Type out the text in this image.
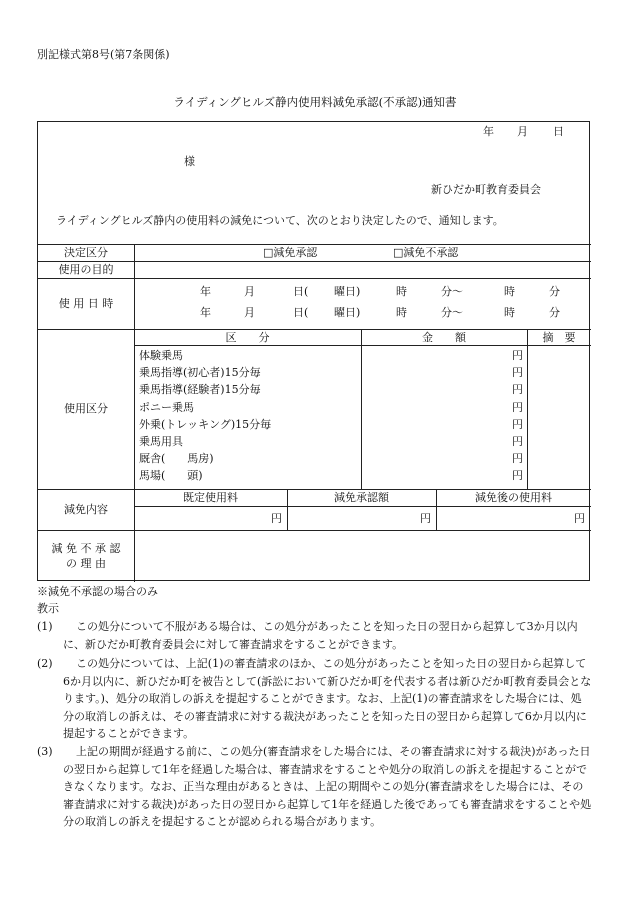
別記様式第8号(第7条関係)
ライディングヒルズ静内使用料減免承認(不承認)通知書
年 月 日
様
新ひだか町教育委員会
ライディングヒルズ静内の使用料の減免について、次のとおり決定したので、通知します。
決定区分	□減免承認	□減免不承認
使用の目的
使 用 日 時
年	月	日( 曜日)	時	分～	時	分
年	月	日( 曜日)	時	分～	時	分
使用区分
区　　分	金　　額	摘　要
体験乗馬	円
乗馬指導(初心者)15分毎	円
乗馬指導(経験者)15分毎	円
ポニー乗馬	円
外乗(トレッキング)15分毎	円
乗馬用具	円
厩舎(　　馬房)	円
馬場(　　頭)	円
減免内容
既定使用料	減免承認額	減免後の使用料
円	円	円
減 免 不 承 認
の 理 由
※減免不承認の場合のみ
教示
(1)	この処分について不服がある場合は、この処分があったことを知った日の翌日から起算して3か月以内に、新ひだか町教育委員会に対して審査請求をすることができます。
(2)	この処分については、上記(1)の審査請求のほか、この処分があったことを知った日の翌日から起算して6か月以内に、新ひだか町を被告として(訴訟において新ひだか町を代表する者は新ひだか町教育委員会となります。)、処分の取消しの訴えを提起することができます。なお、上記(1)の審査請求をした場合には、処分の取消しの訴えは、その審査請求に対する裁決があったことを知った日の翌日から起算して6か月以内に提起することができます。
(3)	上記の期間が経過する前に、この処分(審査請求をした場合には、その審査請求に対する裁決)があった日の翌日から起算して1年を経過した場合は、審査請求をすることや処分の取消しの訴えを提起することができなくなります。なお、正当な理由があるときは、上記の期間やこの処分(審査請求をした場合には、その審査請求に対する裁決)があった日の翌日から起算して1年を経過した後であっても審査請求をすることや処分の取消しの訴えを提起することが認められる場合があります。
